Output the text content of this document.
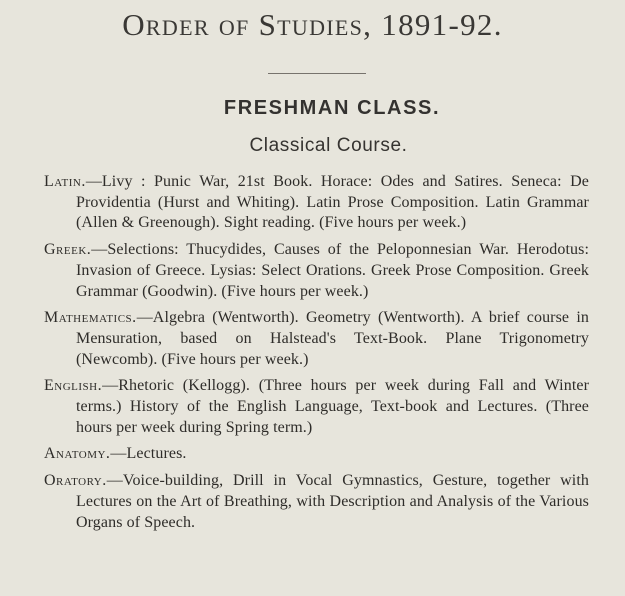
Order of Studies, 1891-92.
FRESHMAN CLASS.
Classical Course.

Latin.—Livy : Punic War, 21st Book. Horace: Odes and Satires. Seneca: De Providentia (Hurst and Whiting). Latin Prose Composition. Latin Grammar (Allen & Greenough). Sight reading. (Five hours per week.)

Greek.—Selections: Thucydides, Causes of the Peloponnesian War. Herodotus: Invasion of Greece. Lysias: Select Orations. Greek Prose Composition. Greek Grammar (Goodwin). (Five hours per week.)

Mathematics.—Algebra (Wentworth). Geometry (Wentworth). A brief course in Mensuration, based on Halstead's Text-Book. Plane Trigonometry (Newcomb). (Five hours per week.)

English.—Rhetoric (Kellogg). (Three hours per week during Fall and Winter terms.) History of the English Language, Text-book and Lectures. (Three hours per week during Spring term.)

Anatomy.—Lectures.

Oratory.—Voice-building, Drill in Vocal Gymnastics, Gesture, together with Lectures on the Art of Breathing, with Description and Analysis of the Various Organs of Speech.
